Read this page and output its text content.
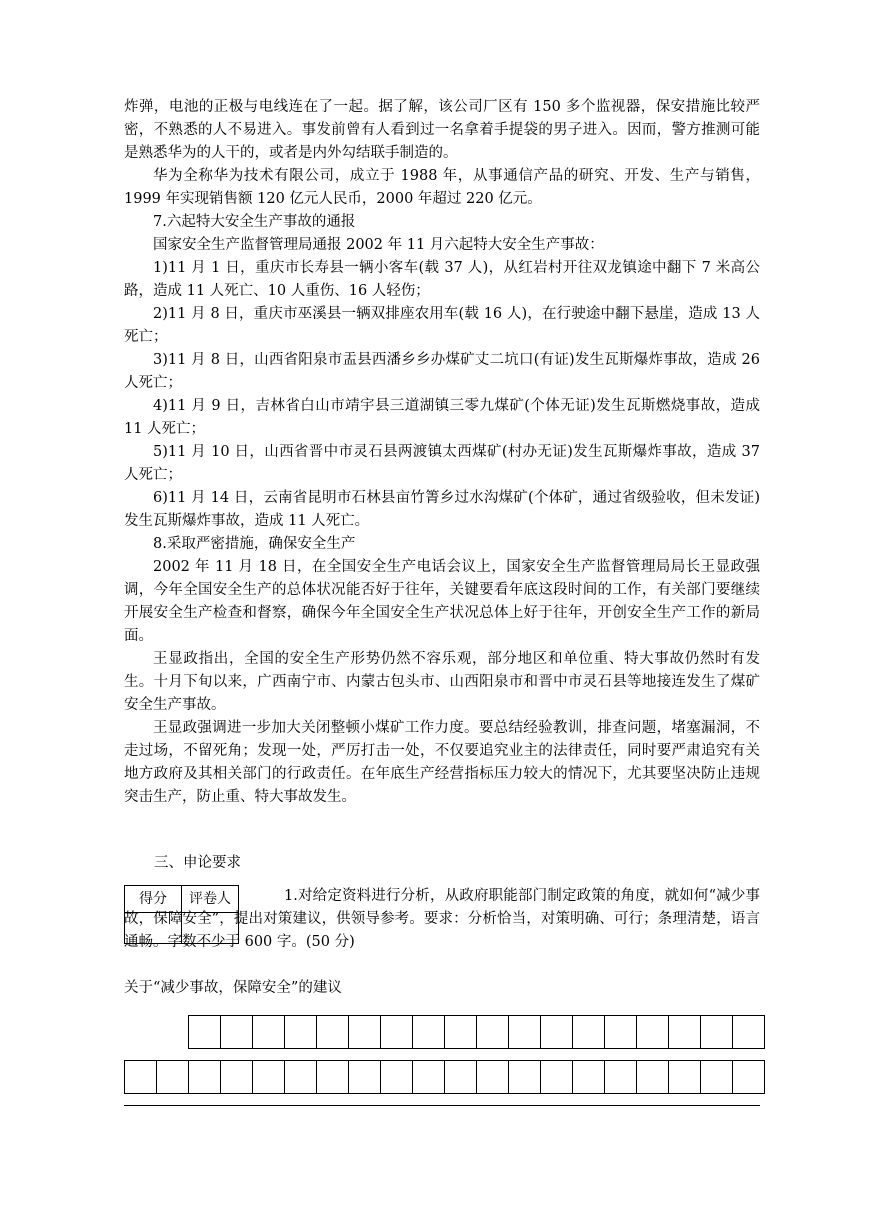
炸弹，电池的正极与电线连在了一起。据了解，该公司厂区有 150 多个监视器，保安措施比较严密，不熟悉的人不易进入。事发前曾有人看到过一名拿着手提袋的男子进入。因而，警方推测可能是熟悉华为的人干的，或者是内外勾结联手制造的。

华为全称华为技术有限公司，成立于 1988 年，从事通信产品的研究、开发、生产与销售，1999 年实现销售额 120 亿元人民币，2000 年超过 220 亿元。

7.六起特大安全生产事故的通报

国家安全生产监督管理局通报 2002 年 11 月六起特大安全生产事故：

1)11 月 1 日，重庆市长寿县一辆小客车(载 37 人)，从红岩村开往双龙镇途中翻下 7 米高公路，造成 11 人死亡、10 人重伤、16 人轻伤；

2)11 月 8 日，重庆市巫溪县一辆双排座农用车(载 16 人)，在行驶途中翻下悬崖，造成 13 人死亡；

3)11 月 8 日，山西省阳泉市盂县西潘乡乡办煤矿丈二坑口(有证)发生瓦斯爆炸事故，造成 26 人死亡；

4)11 月 9 日，吉林省白山市靖宇县三道湖镇三零九煤矿(个体无证)发生瓦斯燃烧事故，造成 11 人死亡；

5)11 月 10 日，山西省晋中市灵石县两渡镇太西煤矿(村办无证)发生瓦斯爆炸事故，造成 37 人死亡；

6)11 月 14 日，云南省昆明市石林县亩竹箐乡过水沟煤矿(个体矿，通过省级验收，但未发证)发生瓦斯爆炸事故，造成 11 人死亡。

8.采取严密措施，确保安全生产

2002 年 11 月 18 日，在全国安全生产电话会议上，国家安全生产监督管理局局长王显政强调，今年全国安全生产的总体状况能否好于往年，关键要看年底这段时间的工作，有关部门要继续开展安全生产检查和督察，确保今年全国安全生产状况总体上好于往年，开创安全生产工作的新局面。

王显政指出，全国的安全生产形势仍然不容乐观，部分地区和单位重、特大事故仍然时有发生。十月下旬以来，广西南宁市、内蒙古包头市、山西阳泉市和晋中市灵石县等地接连发生了煤矿安全生产事故。

王显政强调进一步加大关闭整顿小煤矿工作力度。要总结经验教训，排查问题，堵塞漏洞，不走过场，不留死角；发现一处，严厉打击一处，不仅要追究业主的法律责任，同时要严肃追究有关地方政府及其相关部门的行政责任。在年底生产经营指标压力较大的情况下，尤其要坚决防止违规突击生产，防止重、特大事故发生。

三、申论要求

得分	评卷人
		1.对给定资料进行分析，从政府职能部门制定政策的角度，就如何“减少事故，保障安全”，提出对策建议，供领导参考。要求：分析恰当，对策明确、可行；条理清楚，语言通畅。字数不少于 600 字。(50 分)

关于“减少事故，保障安全”的建议
